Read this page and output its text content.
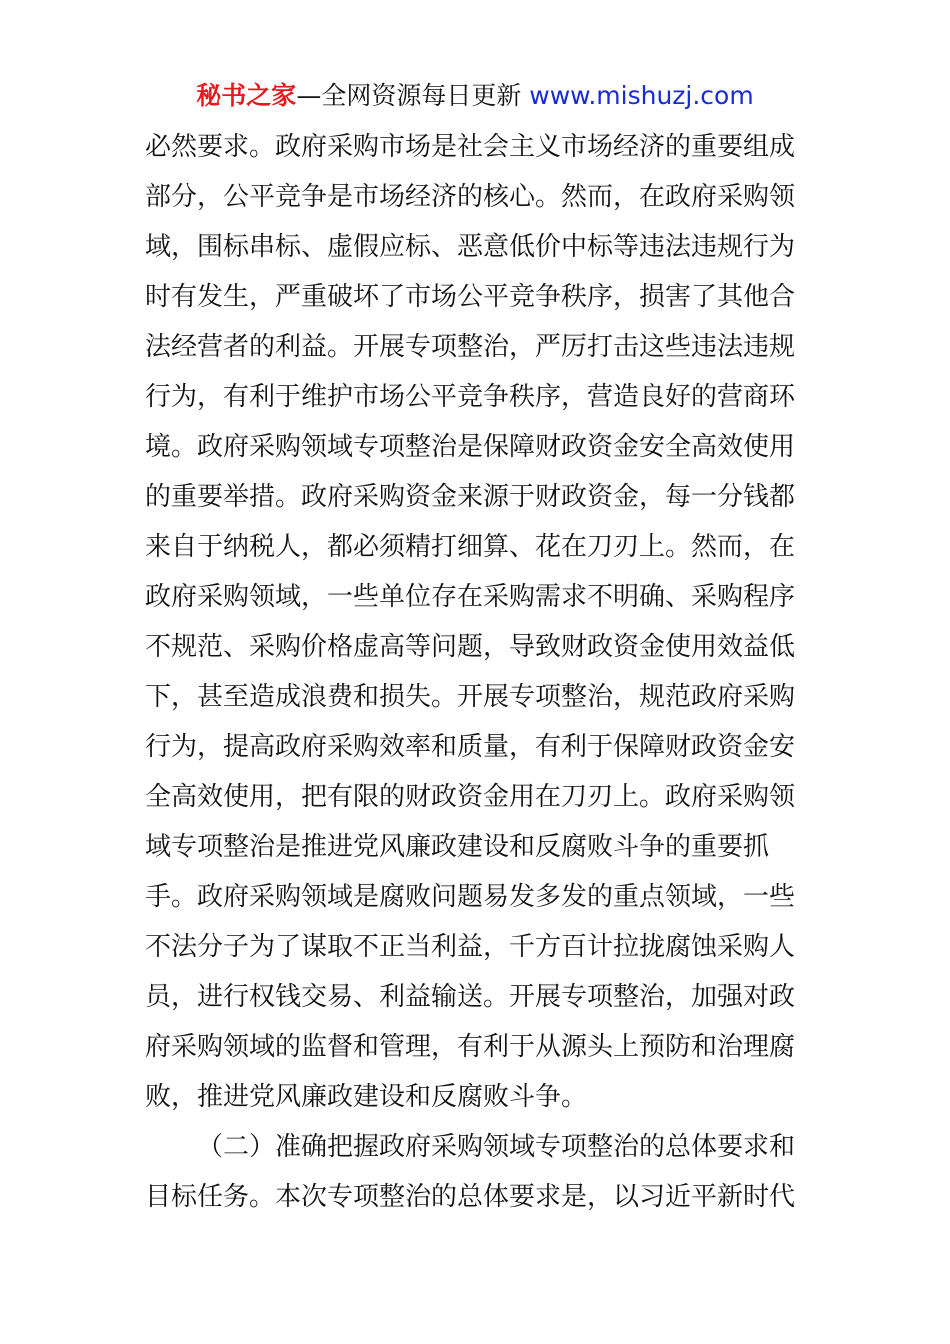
秘书之家—全网资源每日更新 www.mishuzj.com
必然要求。政府采购市场是社会主义市场经济的重要组成
部分，公平竞争是市场经济的核心。然而，在政府采购领
域，围标串标、虚假应标、恶意低价中标等违法违规行为
时有发生，严重破坏了市场公平竞争秩序，损害了其他合
法经营者的利益。开展专项整治，严厉打击这些违法违规
行为，有利于维护市场公平竞争秩序，营造良好的营商环
境。政府采购领域专项整治是保障财政资金安全高效使用
的重要举措。政府采购资金来源于财政资金，每一分钱都
来自于纳税人，都必须精打细算、花在刀刃上。然而，在
政府采购领域，一些单位存在采购需求不明确、采购程序
不规范、采购价格虚高等问题，导致财政资金使用效益低
下，甚至造成浪费和损失。开展专项整治，规范政府采购
行为，提高政府采购效率和质量，有利于保障财政资金安
全高效使用，把有限的财政资金用在刀刃上。政府采购领
域专项整治是推进党风廉政建设和反腐败斗争的重要抓
手。政府采购领域是腐败问题易发多发的重点领域，一些
不法分子为了谋取不正当利益，千方百计拉拢腐蚀采购人
员，进行权钱交易、利益输送。开展专项整治，加强对政
府采购领域的监督和管理，有利于从源头上预防和治理腐
败，推进党风廉政建设和反腐败斗争。
（二）准确把握政府采购领域专项整治的总体要求和
目标任务。本次专项整治的总体要求是，以习近平新时代
